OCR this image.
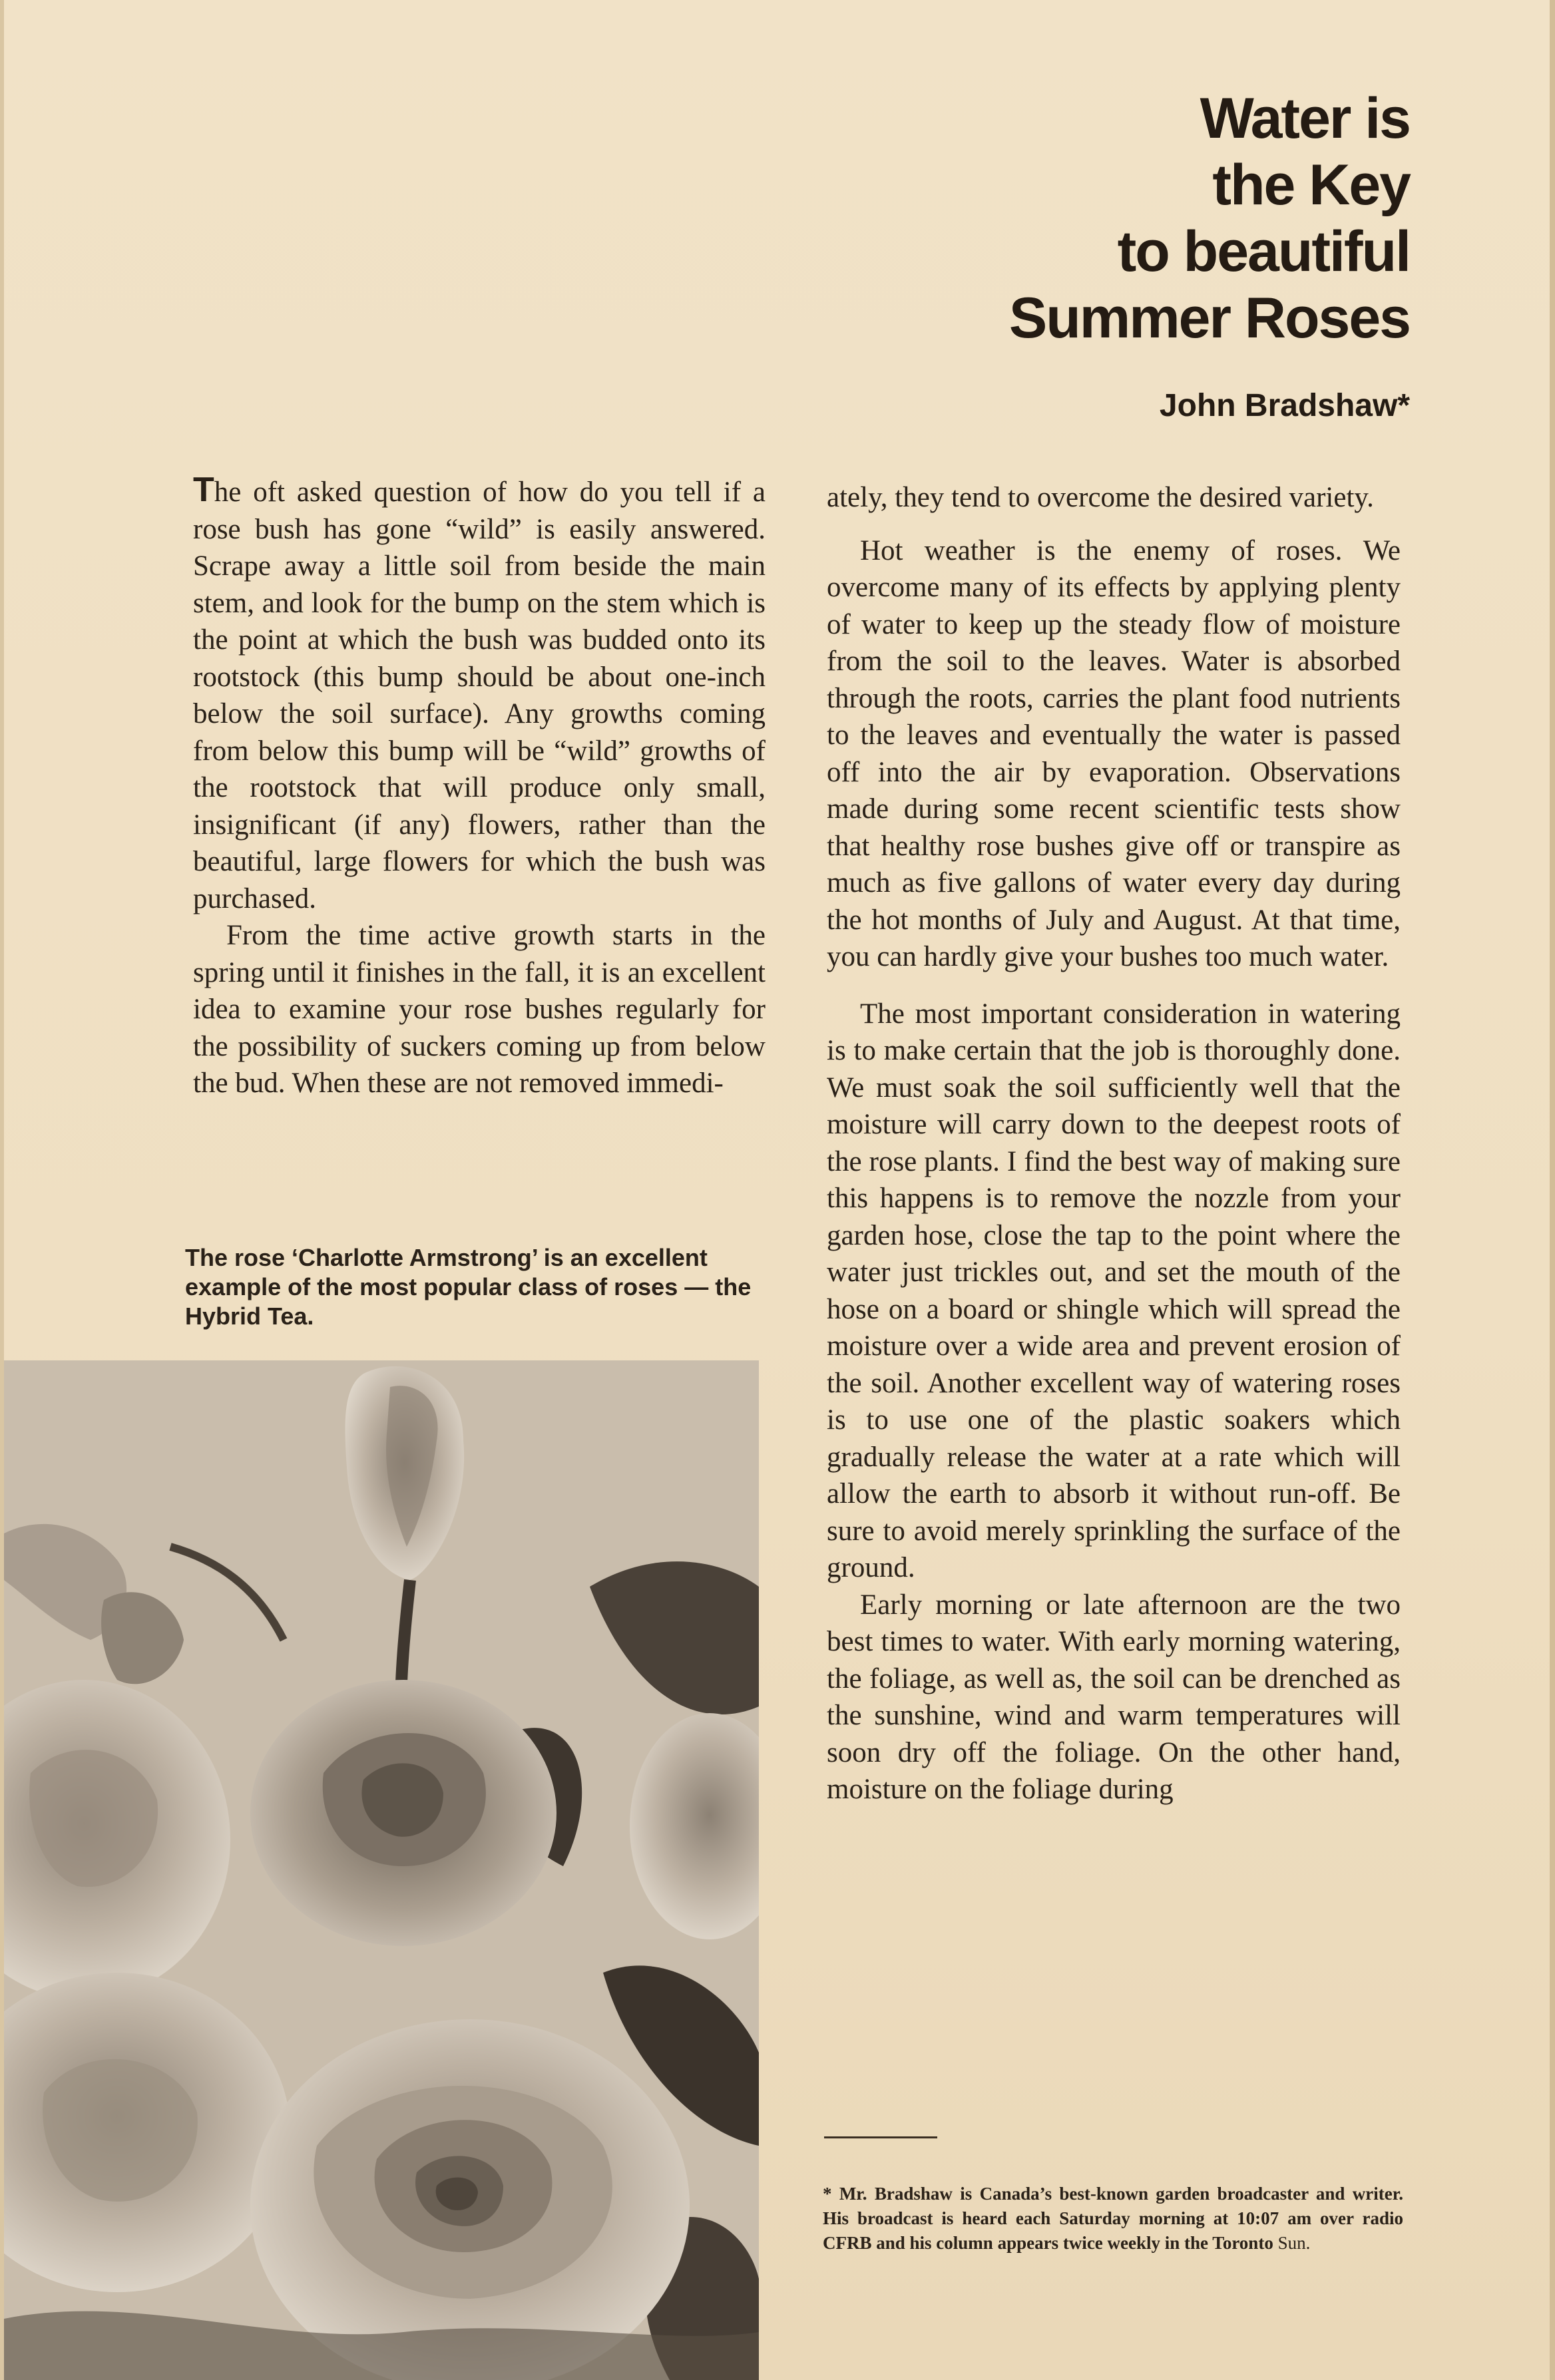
Water is
the Key
to beautiful
Summer Roses
John Bradshaw*

The oft asked question of how do you tell if a rose bush has gone “wild” is easily answered. Scrape away a little soil from beside the main stem, and look for the bump on the stem which is the point at which the bush was budded onto its rootstock (this bump should be about one-inch below the soil surface). Any growths coming from below this bump will be “wild” growths of the rootstock that will produce only small, insignificant (if any) flowers, rather than the beautiful, large flowers for which the bush was purchased.

From the time active growth starts in the spring until it finishes in the fall, it is an excellent idea to examine your rose bushes regularly for the possibility of suckers coming up from below the bud. When these are not removed immedi-

The rose ‘Charlotte Armstrong’ is an excellent example of the most popular class of roses — the Hybrid Tea.

ately, they tend to overcome the desired variety.

Hot weather is the enemy of roses. We overcome many of its effects by applying plenty of water to keep up the steady flow of moisture from the soil to the leaves. Water is absorbed through the roots, carries the plant food nutrients to the leaves and eventually the water is passed off into the air by evaporation. Observations made during some recent scientific tests show that healthy rose bushes give off or transpire as much as five gallons of water every day during the hot months of July and August. At that time, you can hardly give your bushes too much water.

The most important consideration in watering is to make certain that the job is thoroughly done. We must soak the soil sufficiently well that the moisture will carry down to the deepest roots of the rose plants. I find the best way of making sure this happens is to remove the nozzle from your garden hose, close the tap to the point where the water just trickles out, and set the mouth of the hose on a board or shingle which will spread the moisture over a wide area and prevent erosion of the soil. Another excellent way of watering roses is to use one of the plastic soakers which gradually release the water at a rate which will allow the earth to absorb it without run-off. Be sure to avoid merely sprinkling the surface of the ground.

Early morning or late afternoon are the two best times to water. With early morning watering, the foliage, as well as, the soil can be drenched as the sunshine, wind and warm temperatures will soon dry off the foliage. On the other hand, moisture on the foliage during

* Mr. Bradshaw is Canada’s best-known garden broadcaster and writer. His broadcast is heard each Saturday morning at 10:07 am over radio CFRB and his column appears twice weekly in the Toronto Sun.
